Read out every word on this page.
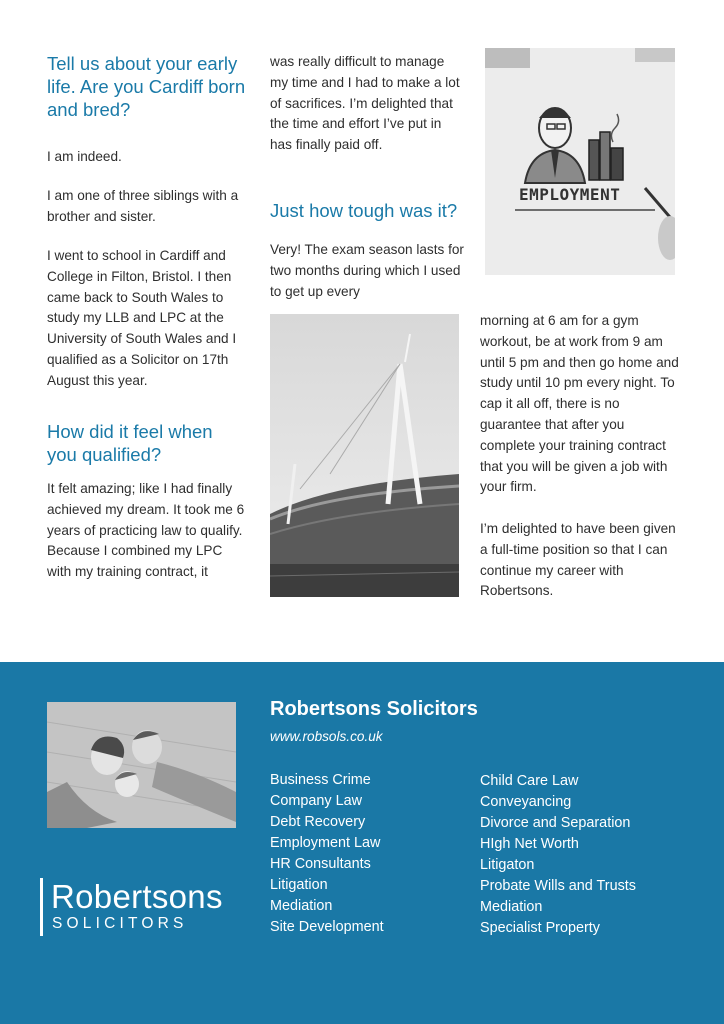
Tell us about your early life. Are you Cardiff born and bred?

I am indeed.

I am one of three siblings with a brother and sister.

I went to school in Cardiff and College in Filton, Bristol. I then came back to South Wales to study my LLB and LPC at the University of South Wales and I qualified as a Solicitor on 17th August this year.

How did it feel when you qualified?

It felt amazing; like I had finally achieved my dream. It took me 6 years of practicing law to qualify. Because I combined my LPC with my training contract, it

was really difficult to manage my time and I had to make a lot of sacrifices. I’m delighted that the time and effort I’ve put in has finally paid off.

Just how tough was it?

Very! The exam season lasts for two months during which I used to get up every

EMPLOYMENT

morning at 6 am for a gym workout, be at work from 9 am until 5 pm and then go home and study until 10 pm every night. To cap it all off, there is no guarantee that after you complete your training contract that you will be given a job with your firm.

I’m delighted to have been given a full-time position so that I can continue my career with Robertsons.

Robertsons Solicitors
www.robsols.co.uk
Business Crime
Company Law
Debt Recovery
Employment Law
HR Consultants
Litigation
Mediation
Site Development
Child Care Law
Conveyancing
Divorce and Separation
HIgh Net Worth
Litigaton
Probate Wills and Trusts
Mediation
Specialist Property
Robertsons
SOLICITORS
